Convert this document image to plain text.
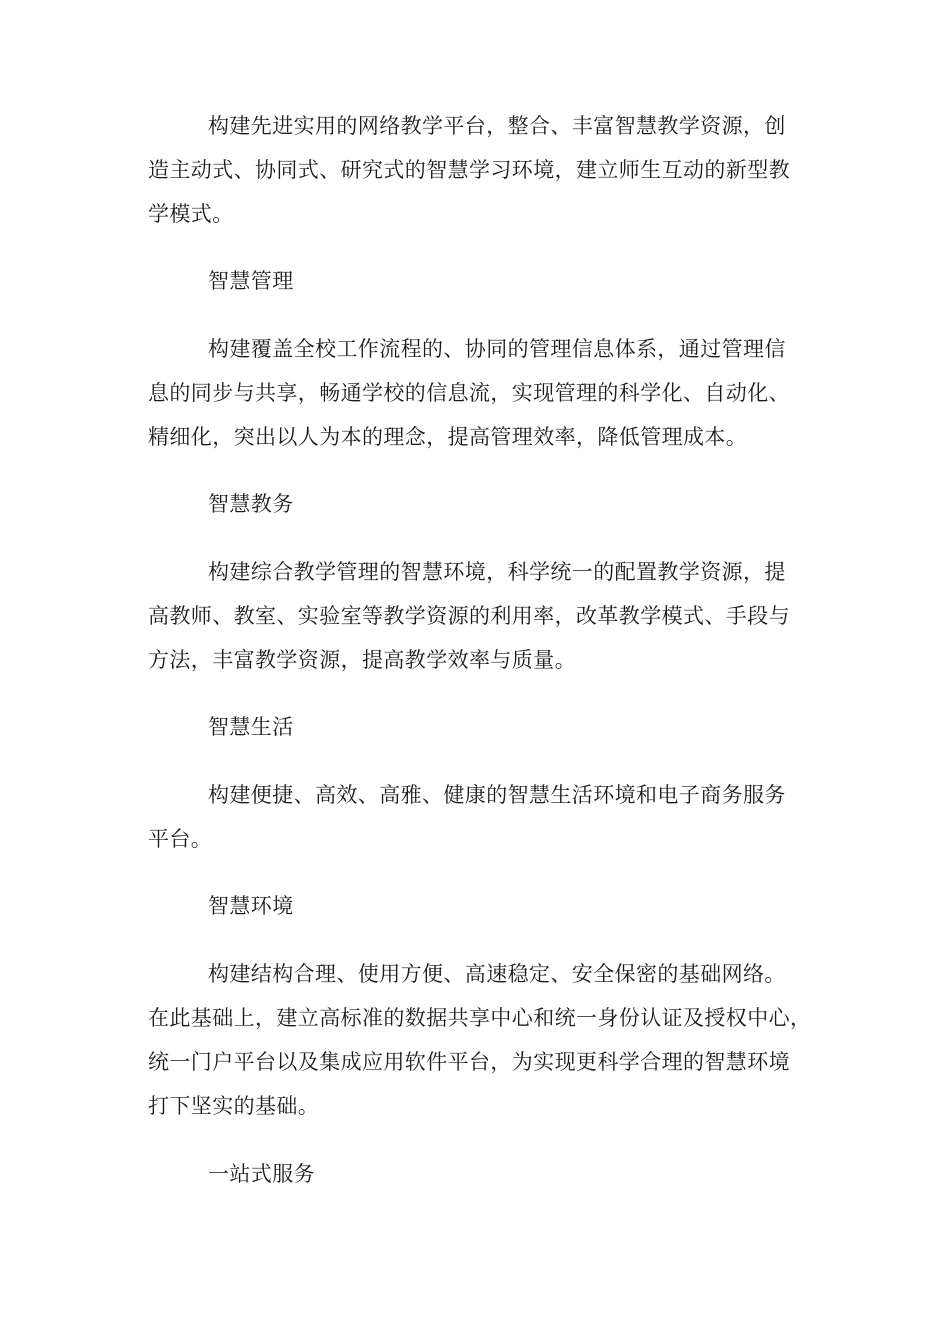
构建先进实用的网络教学平台，整合、丰富智慧教学资源，创
造主动式、协同式、研究式的智慧学习环境，建立师生互动的新型教
学模式。
智慧管理
构建覆盖全校工作流程的、协同的管理信息体系，通过管理信
息的同步与共享，畅通学校的信息流，实现管理的科学化、自动化、
精细化，突出以人为本的理念，提高管理效率，降低管理成本。
智慧教务
构建综合教学管理的智慧环境，科学统一的配置教学资源，提
高教师、教室、实验室等教学资源的利用率，改革教学模式、手段与
方法，丰富教学资源，提高教学效率与质量。
智慧生活
构建便捷、高效、高雅、健康的智慧生活环境和电子商务服务
平台。
智慧环境
构建结构合理、使用方便、高速稳定、安全保密的基础网络。
在此基础上，建立高标准的数据共享中心和统一身份认证及授权中心，
统一门户平台以及集成应用软件平台，为实现更科学合理的智慧环境
打下坚实的基础。
一站式服务
